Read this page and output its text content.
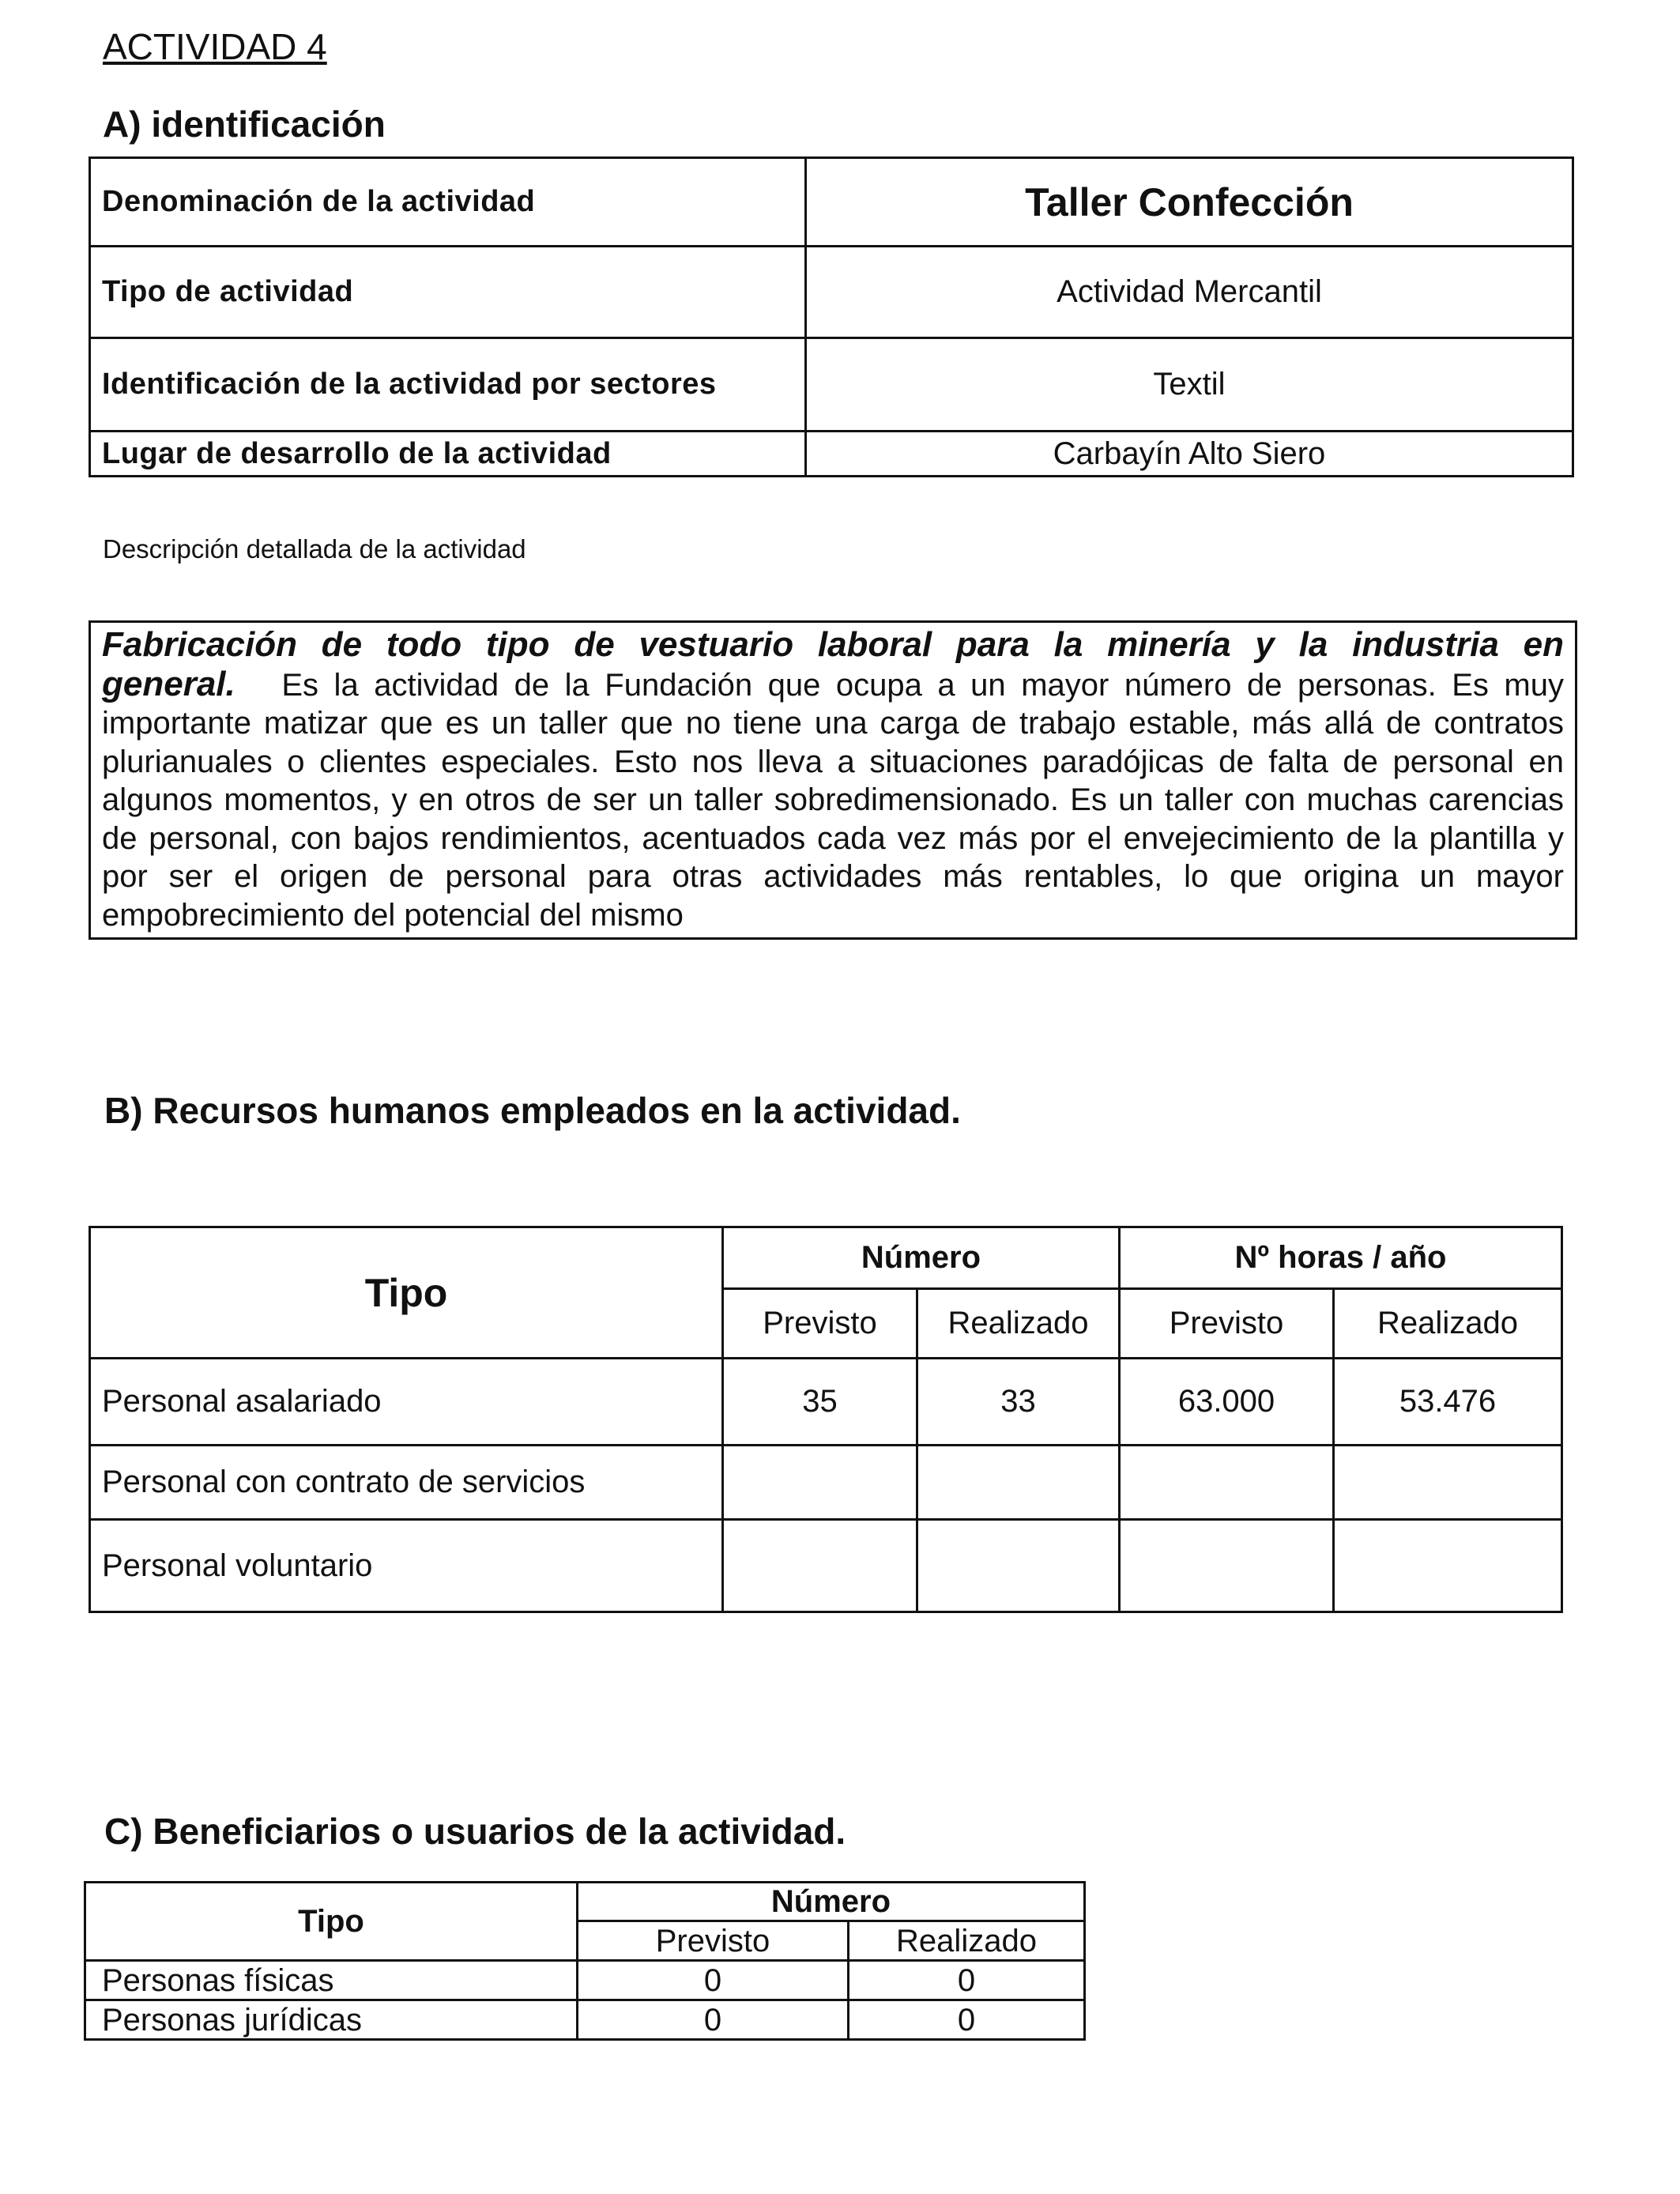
ACTIVIDAD 4
A) identificación
Denominación de la actividad	Taller Confección
Tipo de actividad	Actividad Mercantil
Identificación de la actividad por sectores	Textil
Lugar de desarrollo de la actividad	Carbayín Alto Siero
Descripción detallada de la actividad
Fabricación de todo tipo de vestuario laboral para la minería y la industria en general. Es la actividad de la Fundación que ocupa a un mayor número de personas. Es muy importante matizar que es un taller que no tiene una carga de trabajo estable, más allá de contratos plurianuales o clientes especiales. Esto nos lleva a situaciones paradójicas de falta de personal en algunos momentos, y en otros de ser un taller sobredimensionado. Es un taller con muchas carencias de personal, con bajos rendimientos, acentuados cada vez más por el envejecimiento de la plantilla y por ser el origen de personal para otras actividades más rentables, lo que origina un mayor empobrecimiento del potencial del mismo
B) Recursos humanos empleados en la actividad.
Tipo	Número		Nº horas / año	
	Previsto	Realizado	Previsto	Realizado
Personal asalariado	35	33	63.000	53.476
Personal con contrato de servicios				
Personal voluntario				
C) Beneficiarios o usuarios de la actividad.
Tipo	Número	
	Previsto	Realizado
Personas físicas	0	0
Personas jurídicas	0	0
